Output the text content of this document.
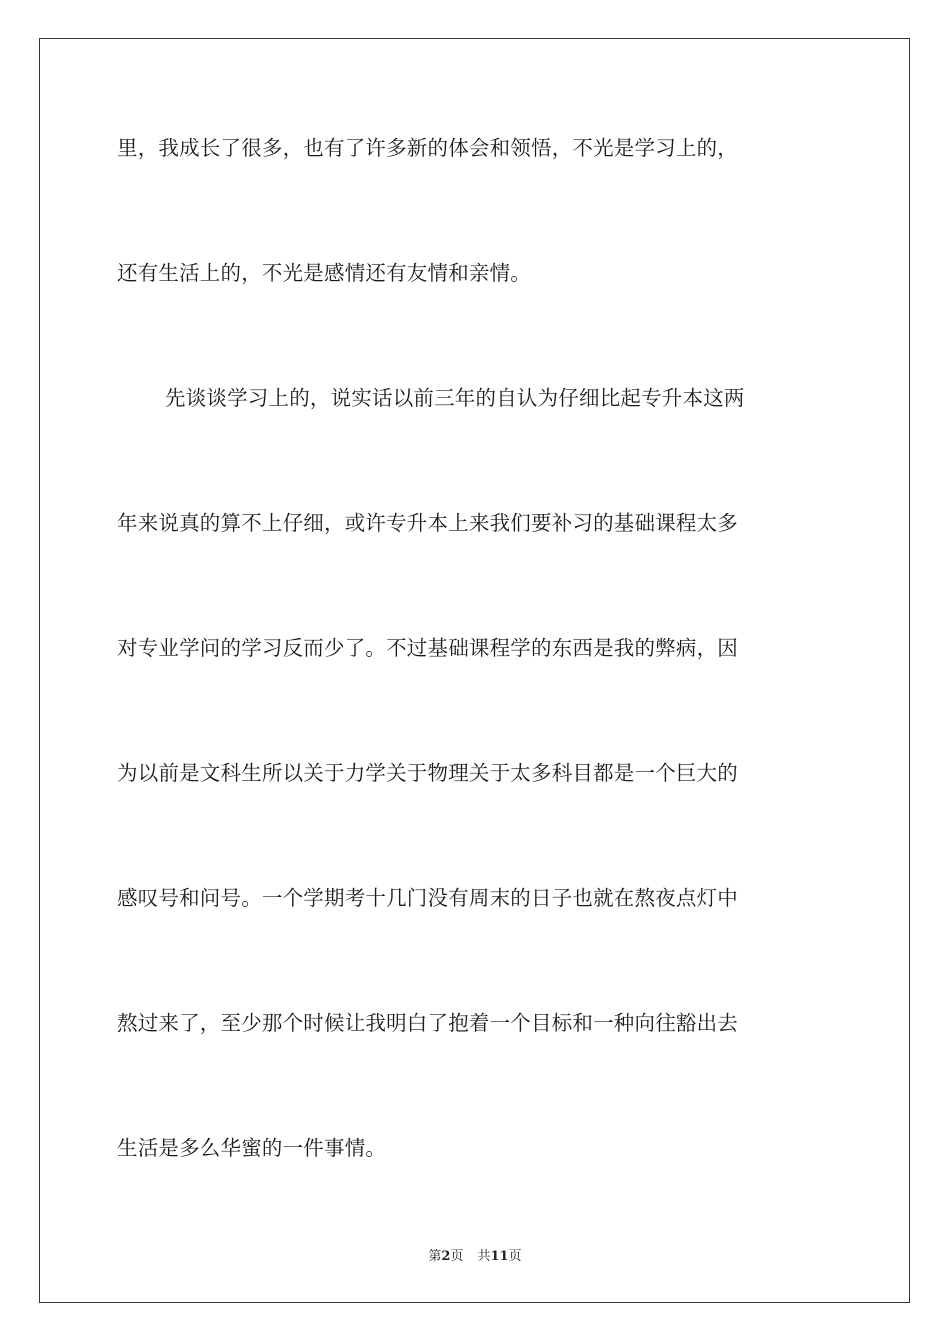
里，我成长了很多，也有了许多新的体会和领悟，不光是学习上的，
还有生活上的，不光是感情还有友情和亲情。
先谈谈学习上的，说实话以前三年的自认为仔细比起专升本这两
年来说真的算不上仔细，或许专升本上来我们要补习的基础课程太多
对专业学问的学习反而少了。不过基础课程学的东西是我的弊病，因
为以前是文科生所以关于力学关于物理关于太多科目都是一个巨大的
感叹号和问号。一个学期考十几门没有周末的日子也就在熬夜点灯中
熬过来了，至少那个时候让我明白了抱着一个目标和一种向往豁出去
生活是多么华蜜的一件事情。
第2页 共11页
